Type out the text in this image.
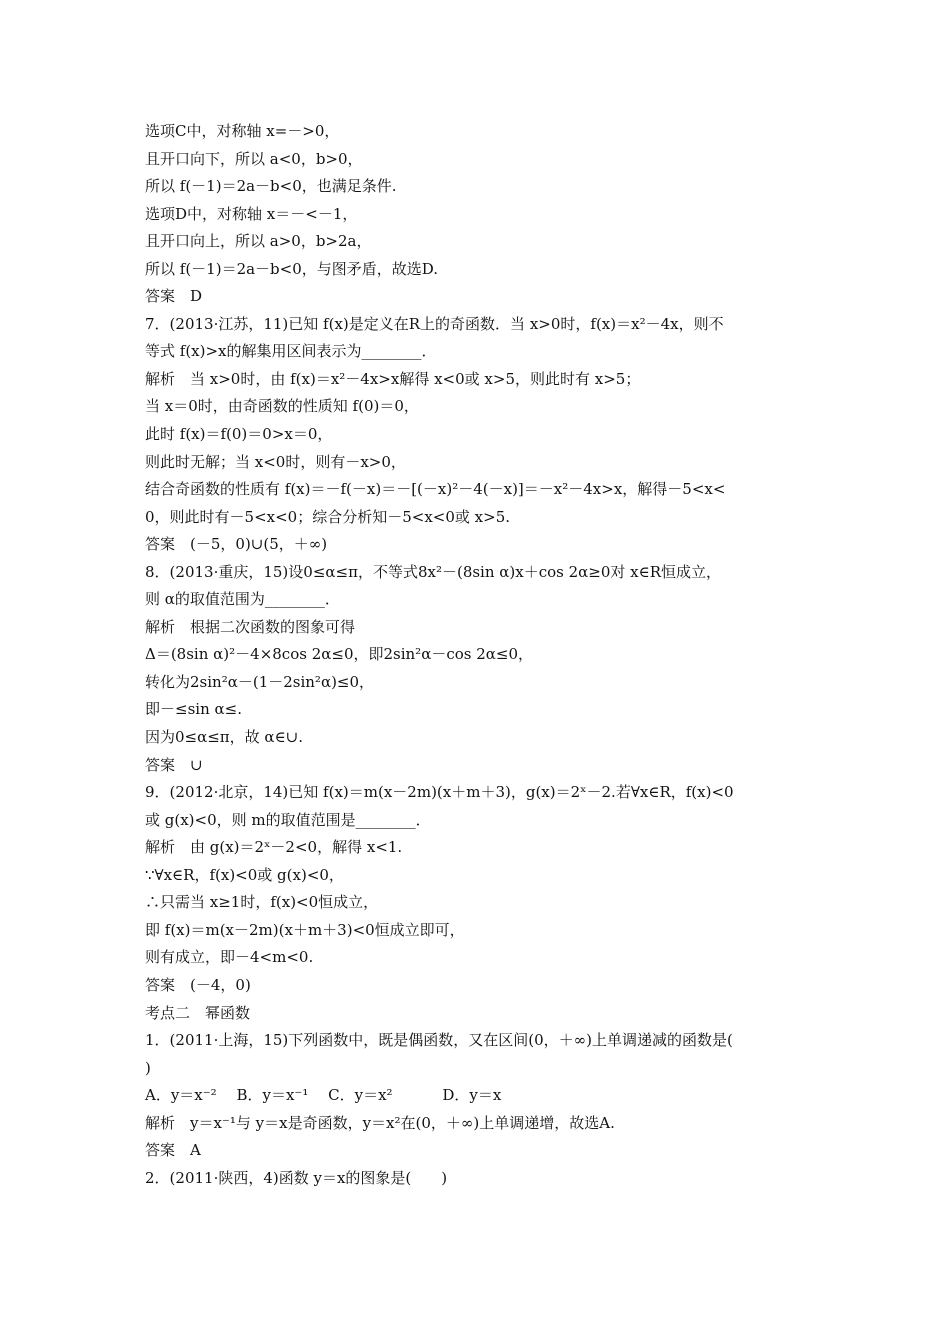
选项C中，对称轴 x=－>0，
且开口向下，所以 a<0，b>0，
所以 f(－1)＝2a－b<0，也满足条件.
选项D中，对称轴 x＝－<－1，
且开口向上，所以 a>0，b>2a，
所以 f(－1)＝2a－b<0，与图矛盾，故选D.
答案　D
7．(2013·江苏，11)已知 f(x)是定义在R上的奇函数．当 x>0时，f(x)＝x²－4x，则不
等式 f(x)>x的解集用区间表示为________．
解析　当 x>0时，由 f(x)＝x²－4x>x解得 x<0或 x>5，则此时有 x>5；
当 x＝0时，由奇函数的性质知 f(0)＝0，
此时 f(x)＝f(0)＝0>x＝0，
则此时无解；当 x<0时，则有－x>0，
结合奇函数的性质有 f(x)＝－f(－x)＝－[(－x)²－4(－x)]＝－x²－4x>x，解得－5<x<
0，则此时有－5<x<0；综合分析知－5<x<0或 x>5.
答案　(－5，0)∪(5，＋∞)
8．(2013·重庆，15)设0≤α≤π，不等式8x²－(8sin α)x＋cos 2α≥0对 x∈R恒成立，
则 α的取值范围为________．
解析　根据二次函数的图象可得
Δ＝(8sin α)²－4×8cos 2α≤0，即2sin²α－cos 2α≤0，
转化为2sin²α－(1－2sin²α)≤0，
即－≤sin α≤.
因为0≤α≤π，故 α∈∪.
答案　∪
9．(2012·北京，14)已知 f(x)＝m(x－2m)(x＋m＋3)，g(x)＝2ˣ－2.若∀x∈R，f(x)<0
或 g(x)<0，则 m的取值范围是________．
解析　由 g(x)＝2ˣ－2<0，解得 x<1.
∵∀x∈R，f(x)<0或 g(x)<0，
∴只需当 x≥1时，f(x)<0恒成立，
即 f(x)＝m(x－2m)(x＋m＋3)<0恒成立即可，
则有成立，即－4<m<0.
答案　(－4，0)
考点二　幂函数
1．(2011·上海，15)下列函数中，既是偶函数，又在区间(0，＋∞)上单调递减的函数是(
)
A．y＝x⁻²　 B．y＝x⁻¹　 C．y＝x²　　　 D．y＝x
解析　y＝x⁻¹与 y＝x是奇函数，y＝x²在(0，＋∞)上单调递增，故选A.
答案　A
2．(2011·陕西，4)函数 y＝x的图象是(　　)
